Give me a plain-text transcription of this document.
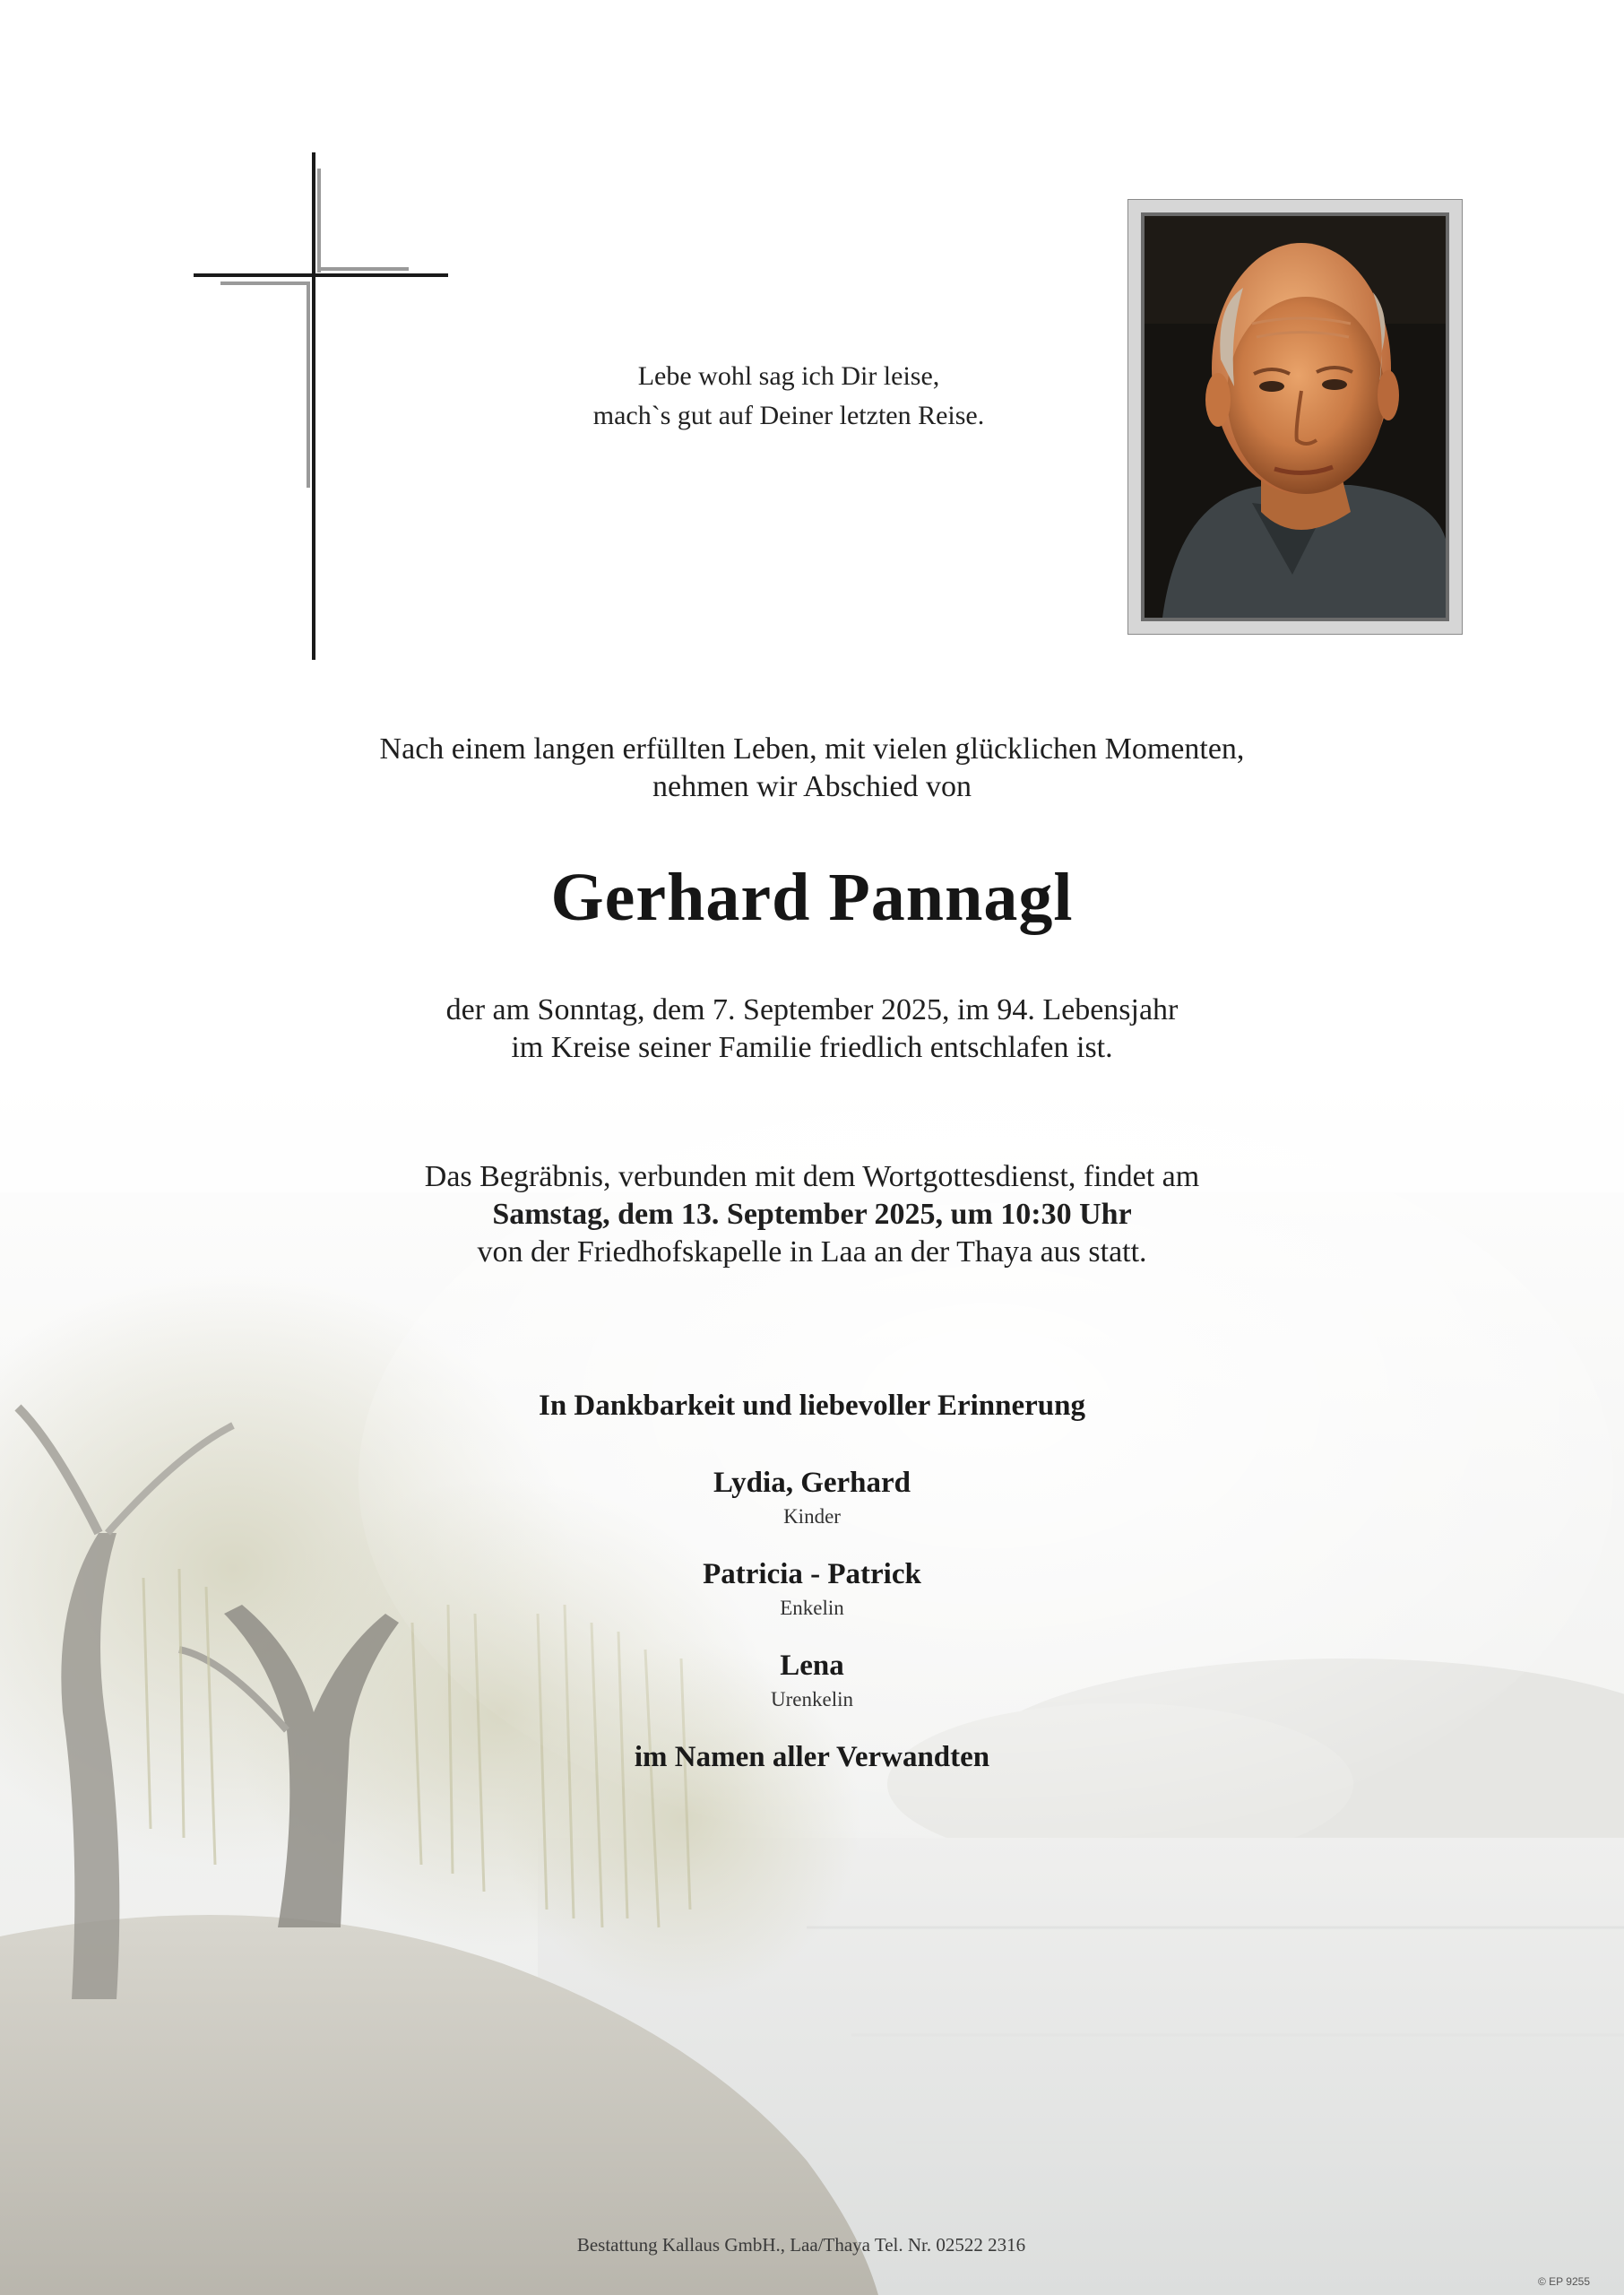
Lebe wohl sag ich Dir leise,
mach`s gut auf Deiner letzten Reise.
Nach einem langen erfüllten Leben, mit vielen glücklichen Momenten,
nehmen wir Abschied von
Gerhard Pannagl
der am Sonntag, dem 7. September 2025, im 94. Lebensjahr
im Kreise seiner Familie friedlich entschlafen ist.
Das Begräbnis, verbunden mit dem Wortgottesdienst, findet am
Samstag, dem 13. September 2025, um 10:30 Uhr
von der Friedhofskapelle in Laa an der Thaya aus statt.
In Dankbarkeit und liebevoller Erinnerung
Lydia, Gerhard
Kinder
Patricia - Patrick
Enkelin
Lena
Urenkelin
im Namen aller Verwandten
Bestattung Kallaus GmbH., Laa/Thaya Tel. Nr. 02522 2316
© EP 9255
